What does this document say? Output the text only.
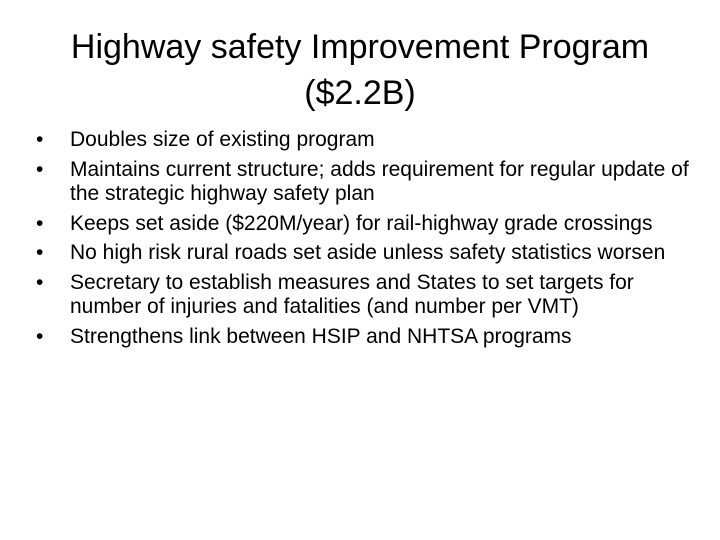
Highway safety Improvement Program
($2.2B)
•	Doubles size of existing program
•	Maintains current structure; adds requirement for regular update of the strategic highway safety plan
•	Keeps set aside ($220M/year) for rail-highway grade crossings
•	No high risk rural roads set aside unless safety statistics worsen
•	Secretary to establish measures and States to set targets for number of injuries and fatalities (and number per VMT)
•	Strengthens link between HSIP and NHTSA programs
